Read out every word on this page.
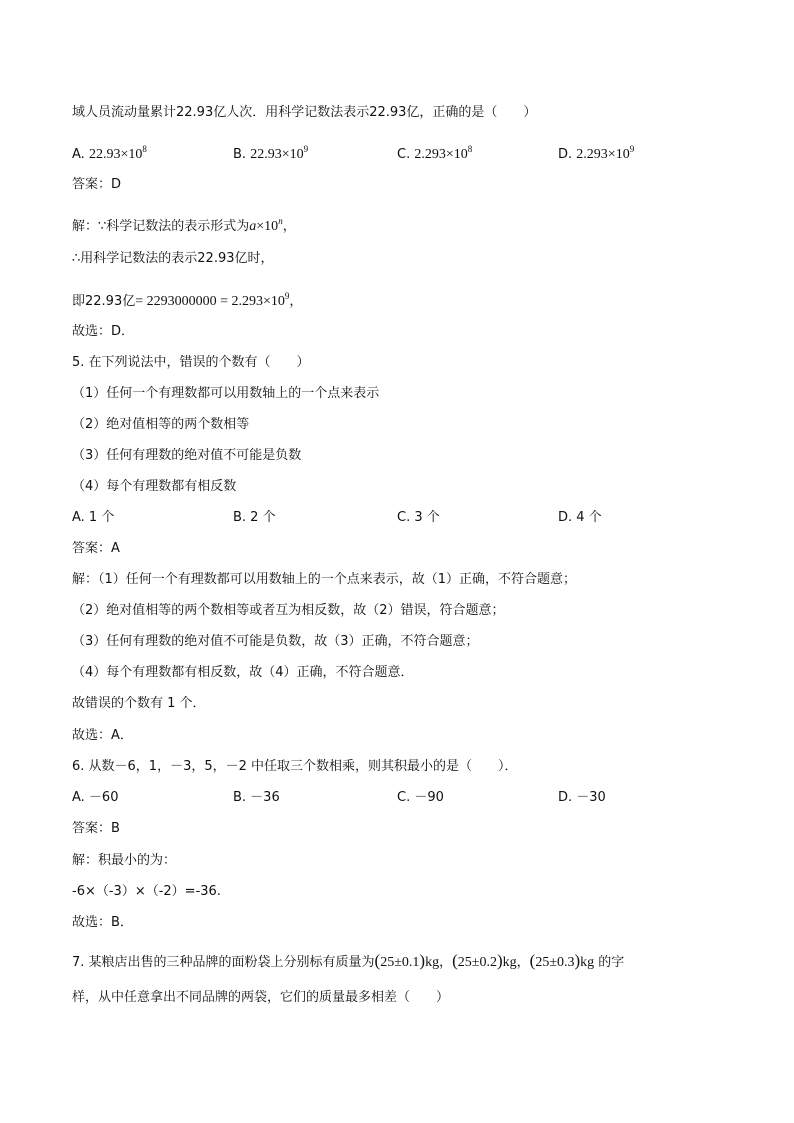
域人员流动量累计22.93亿人次．用科学记数法表示22.93亿，正确的是（　　）
A. $22.93\times 10^8$	B. $22.93\times 10^9$	C. $2.293\times 10^8$	D. $2.293\times 10^9$
答案：D
解：∵科学记数法的表示形式为$a\times 10^n$，
∴用科学记数法的表示22.93亿时，
即22.93亿= $2293000000 = 2.293\times 10^9$，
故选：D．
5. 在下列说法中，错误的个数有（　　）
（1）任何一个有理数都可以用数轴上的一个点来表示
（2）绝对值相等的两个数相等
（3）任何有理数的绝对值不可能是负数
（4）每个有理数都有相反数
A. 1 个	B. 2 个	C. 3 个	D. 4 个
答案：A
解：（1）任何一个有理数都可以用数轴上的一个点来表示，故（1）正确，不符合题意；
（2）绝对值相等的两个数相等或者互为相反数，故（2）错误，符合题意；
（3）任何有理数的绝对值不可能是负数，故（3）正确，不符合题意；
（4）每个有理数都有相反数，故（4）正确，不符合题意．
故错误的个数有 1 个．
故选：A．
6. 从数－6，1，－3，5，－2 中任取三个数相乘，则其积最小的是（　　）．
A. －60	B. －36	C. －90	D. －30
答案：B
解：积最小的为：
-6×（-3）×（-2）=-36.
故选：B．
7. 某粮店出售的三种品牌的面粉袋上分别标有质量为(25±0.1)kg，(25±0.2)kg，(25±0.3)kg 的字
样，从中任意拿出不同品牌的两袋，它们的质量最多相差（　　）
